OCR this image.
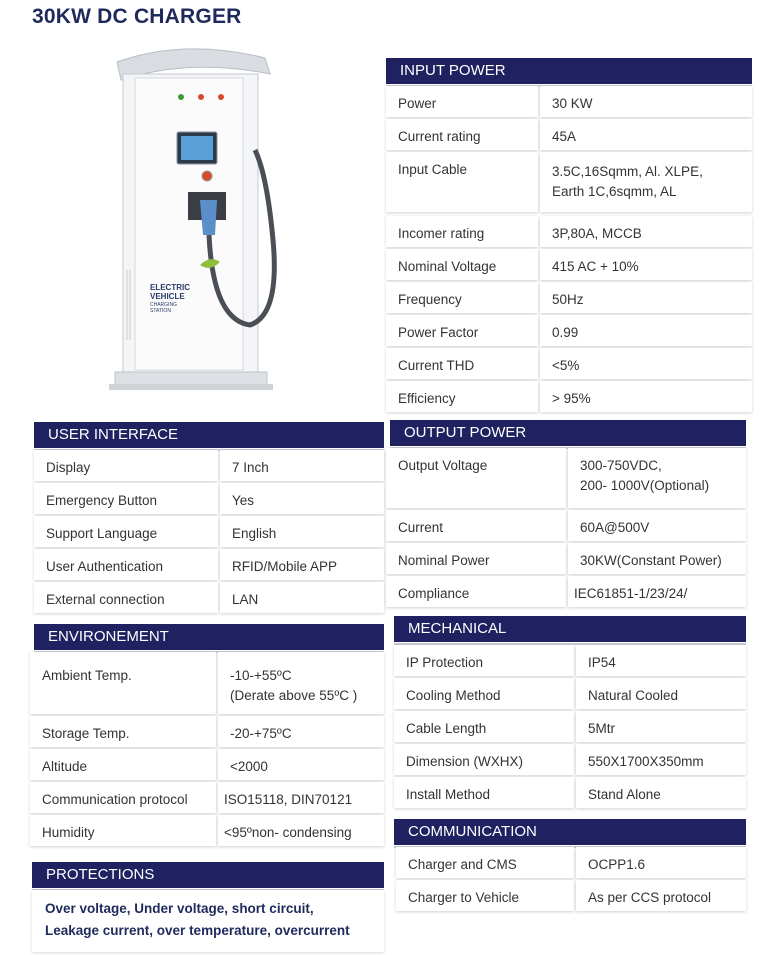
30KW DC CHARGER
ELECTRIC
VEHICLE
CHARGING
STATION
INPUT POWER
Power	30 KW
Current rating	45A
Input Cable	3.5C,16Sqmm, Al. XLPE,
Earth 1C,6sqmm, AL
Incomer rating	3P,80A, MCCB
Nominal Voltage	415 AC + 10%
Frequency	50Hz
Power Factor	0.99
Current THD	<5%
Efficiency	> 95%
USER INTERFACE
Display	7 Inch
Emergency Button	Yes
Support Language	English
User Authentication	RFID/Mobile APP
External connection	LAN
OUTPUT POWER
Output Voltage	300-750VDC,
200- 1000V(Optional)
Current	60A@500V
Nominal Power	30KW(Constant Power)
Compliance	IEC61851-1/23/24/
ENVIRONEMENT
Ambient Temp.	-10-+55ºC
(Derate above 55ºC )
Storage Temp.	-20-+75ºC
Altitude	<2000
Communication protocol	ISO15118, DIN70121
Humidity	<95ºnon- condensing
MECHANICAL
IP Protection	IP54
Cooling Method	Natural Cooled
Cable Length	5Mtr
Dimension (WXHX)	550X1700X350mm
Install Method	Stand Alone
COMMUNICATION
Charger and CMS	OCPP1.6
Charger to Vehicle	As per CCS protocol
PROTECTIONS
Over voltage, Under voltage, short circuit,
Leakage current, over temperature, overcurrent
